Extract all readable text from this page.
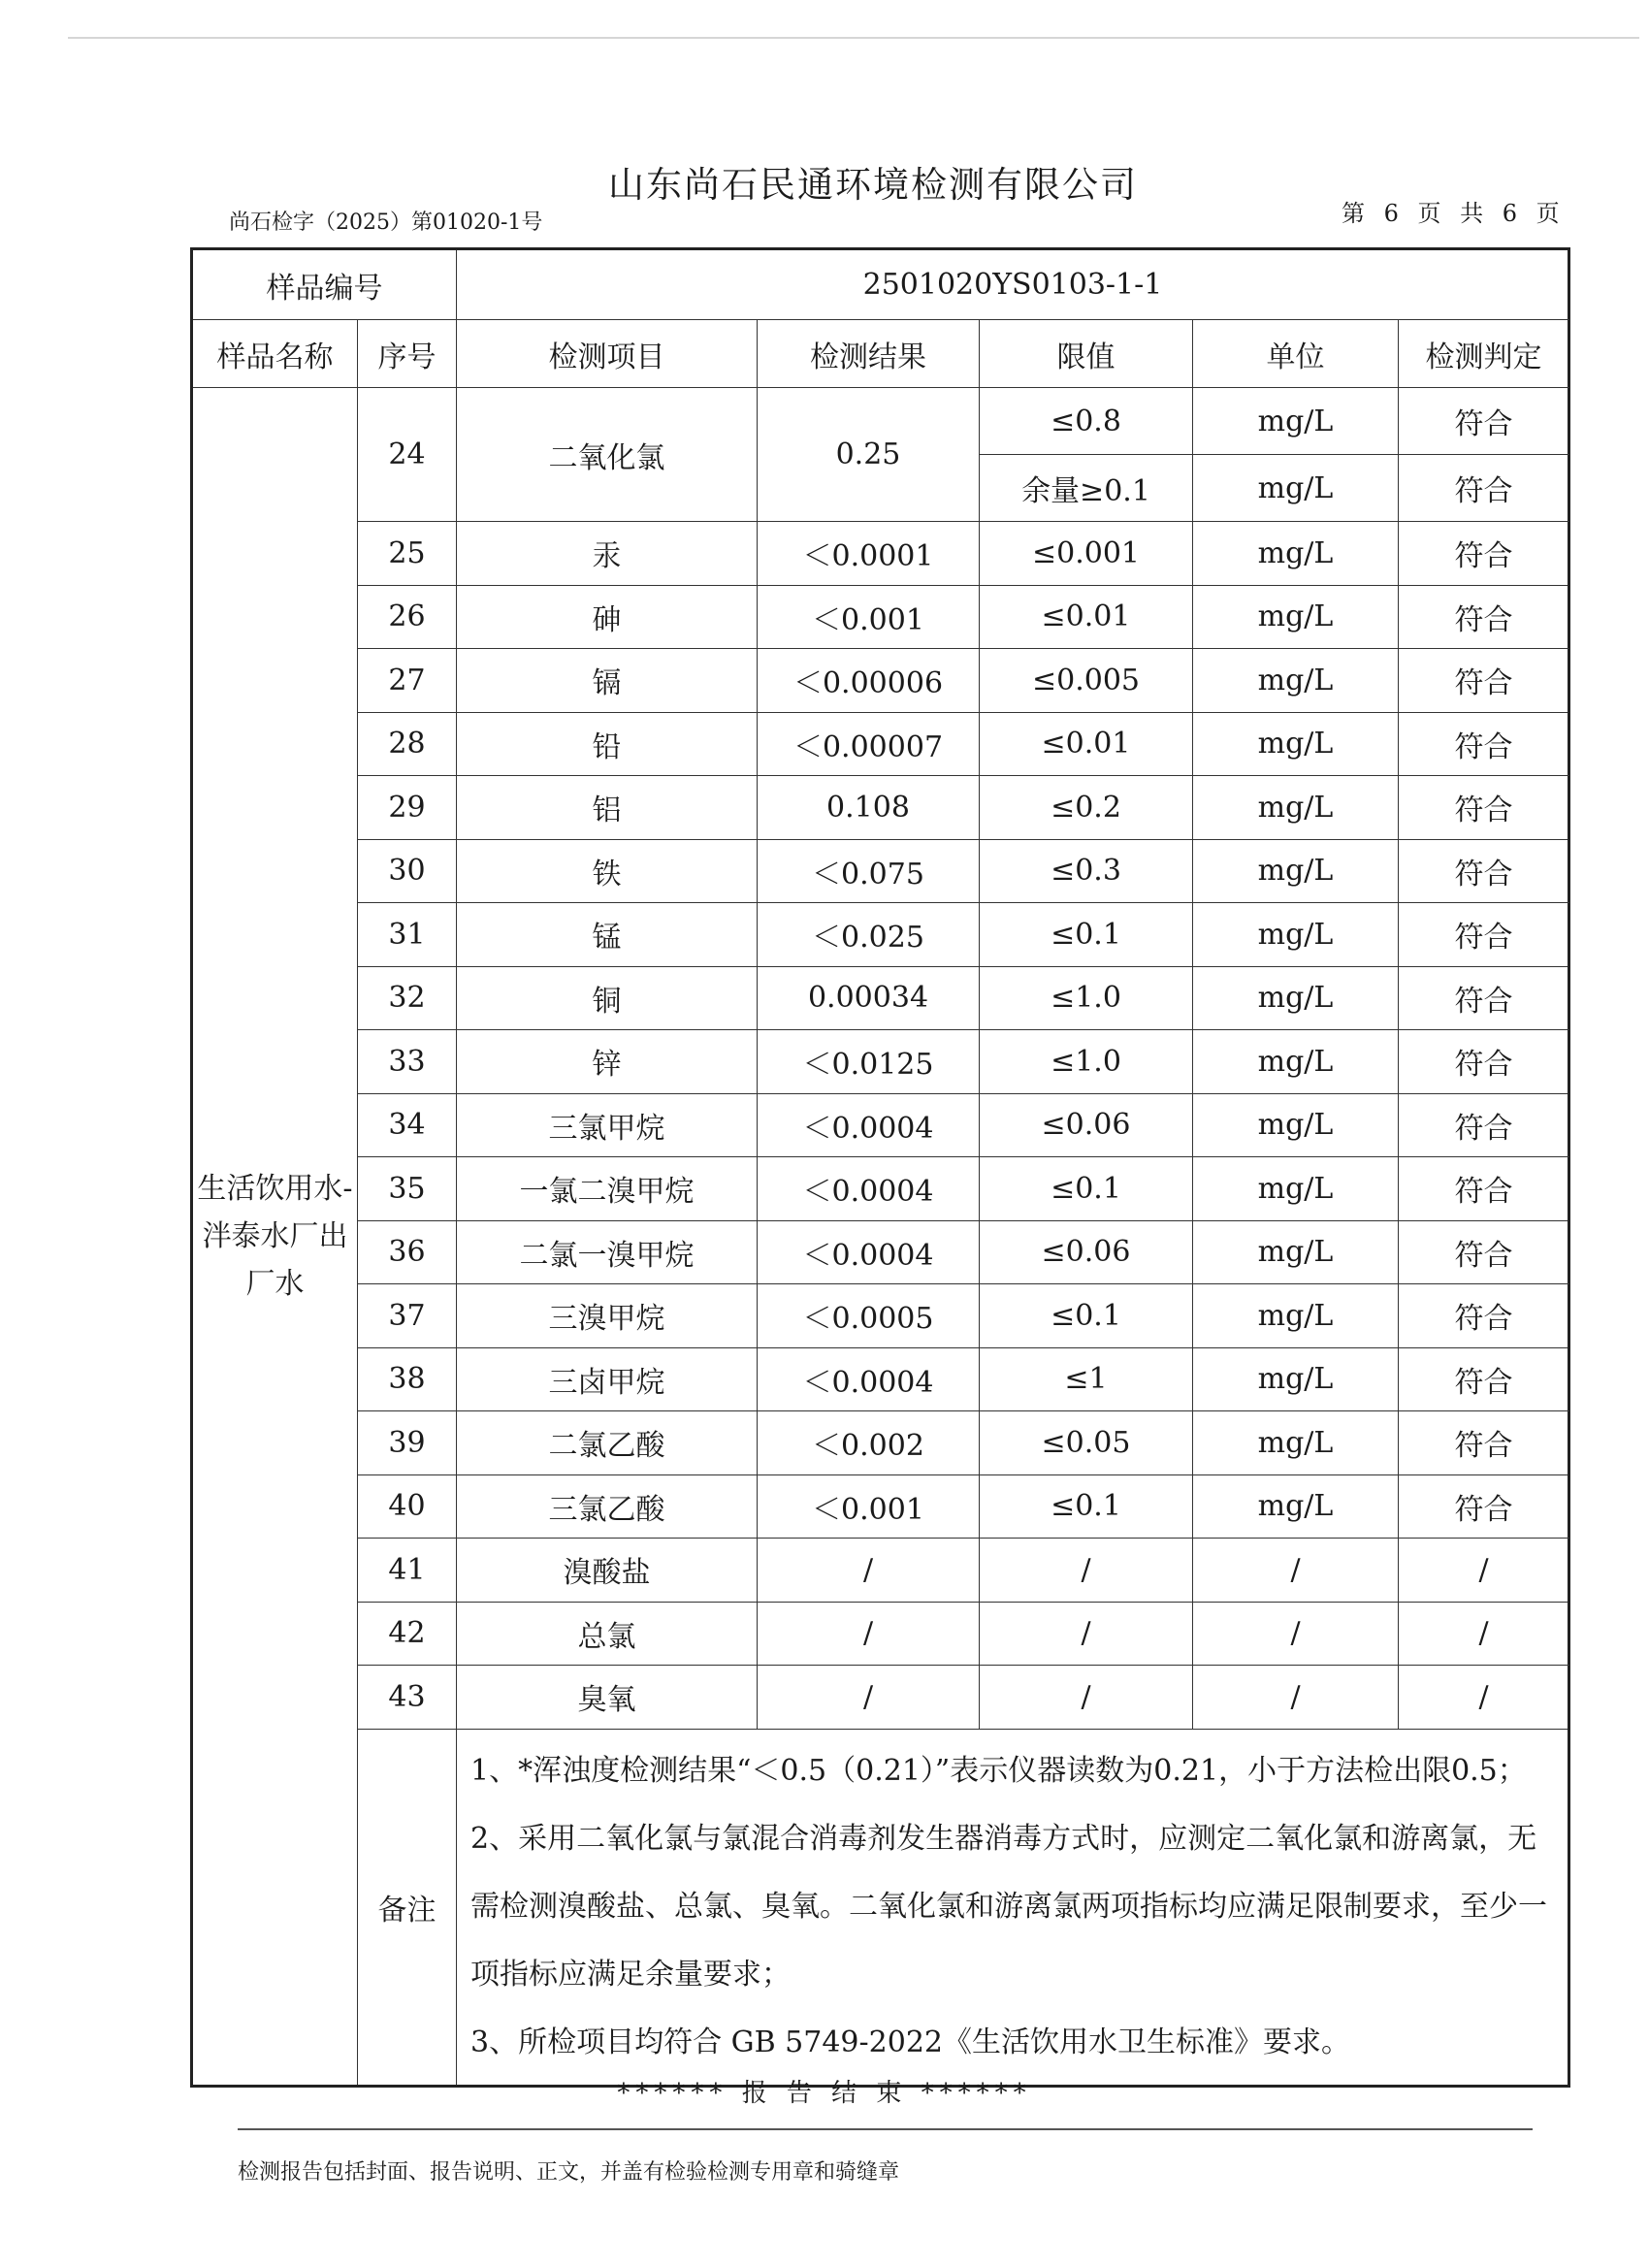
山东尚石民通环境检测有限公司
尚石检字（2025）第01020-1号	第 6 页 共 6 页
样品编号		2501020YS0103-1-1				
样品名称	序号	检测项目	检测结果	限值	单位	检测判定
生活饮用水-泮泰水厂出厂水	24	二氧化氯	0.25	≤0.8	mg/L	符合
				余量≥0.1	mg/L	符合
	25	汞	＜0.0001	≤0.001	mg/L	符合
	26	砷	＜0.001	≤0.01	mg/L	符合
	27	镉	＜0.00006	≤0.005	mg/L	符合
	28	铅	＜0.00007	≤0.01	mg/L	符合
	29	铝	0.108	≤0.2	mg/L	符合
	30	铁	＜0.075	≤0.3	mg/L	符合
	31	锰	＜0.025	≤0.1	mg/L	符合
	32	铜	0.00034	≤1.0	mg/L	符合
	33	锌	＜0.0125	≤1.0	mg/L	符合
	34	三氯甲烷	＜0.0004	≤0.06	mg/L	符合
	35	一氯二溴甲烷	＜0.0004	≤0.1	mg/L	符合
	36	二氯一溴甲烷	＜0.0004	≤0.06	mg/L	符合
	37	三溴甲烷	＜0.0005	≤0.1	mg/L	符合
	38	三卤甲烷	＜0.0004	≤1	mg/L	符合
	39	二氯乙酸	＜0.002	≤0.05	mg/L	符合
	40	三氯乙酸	＜0.001	≤0.1	mg/L	符合
	41	溴酸盐	/	/	/	/
	42	总氯	/	/	/	/
	43	臭氧	/	/	/	/
	备注	1、*浑浊度检测结果“＜0.5（0.21）”表示仪器读数为0.21，小于方法检出限0.5；
2、采用二氧化氯与氯混合消毒剂发生器消毒方式时，应测定二氧化氯和游离氯，无需检测溴酸盐、总氯、臭氧。二氧化氯和游离氯两项指标均应满足限制要求，至少一项指标应满足余量要求；
3、所检项目均符合 GB 5749-2022《生活饮用水卫生标准》要求。				
****** 报 告 结 束 ******
检测报告包括封面、报告说明、正文，并盖有检验检测专用章和骑缝章
